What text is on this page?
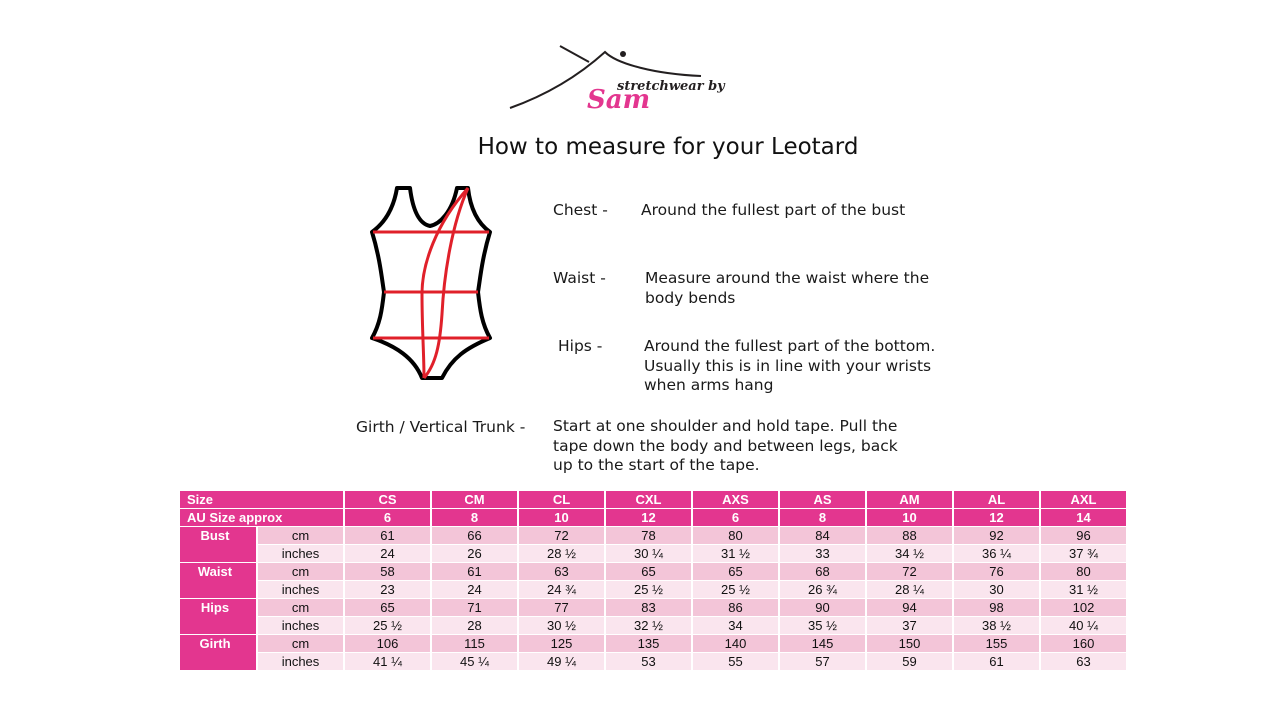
stretchwear by
Sam
How to measure for your Leotard
Chest - Around the fullest part of the bust
Waist -	Measure around the waist where the
body bends
Hips -	Around the fullest part of the bottom.
Usually this is in line with your wrists
when arms hang
Girth / Vertical Trunk - Start at one shoulder and hold tape. Pull the
tape down the body and between legs, back
up to the start of the tape.
Size		CS	CM	CL	CXL	AXS	AS	AM	AL	AXL
AU Size approx		6	8	10	12	6	8	10	12	14
Bust	cm	61	66	72	78	80	84	88	92	96
	inches	24	26	28 ½	30 ¼	31 ½	33	34 ½	36 ¼	37 ¾
Waist	cm	58	61	63	65	65	68	72	76	80
	inches	23	24	24 ¾	25 ½	25 ½	26 ¾	28 ¼	30	31 ½
Hips	cm	65	71	77	83	86	90	94	98	102
	inches	25 ½	28	30 ½	32 ½	34	35 ½	37	38 ½	40 ¼
Girth	cm	106	115	125	135	140	145	150	155	160
	inches	41 ¼	45 ¼	49 ¼	53	55	57	59	61	63
